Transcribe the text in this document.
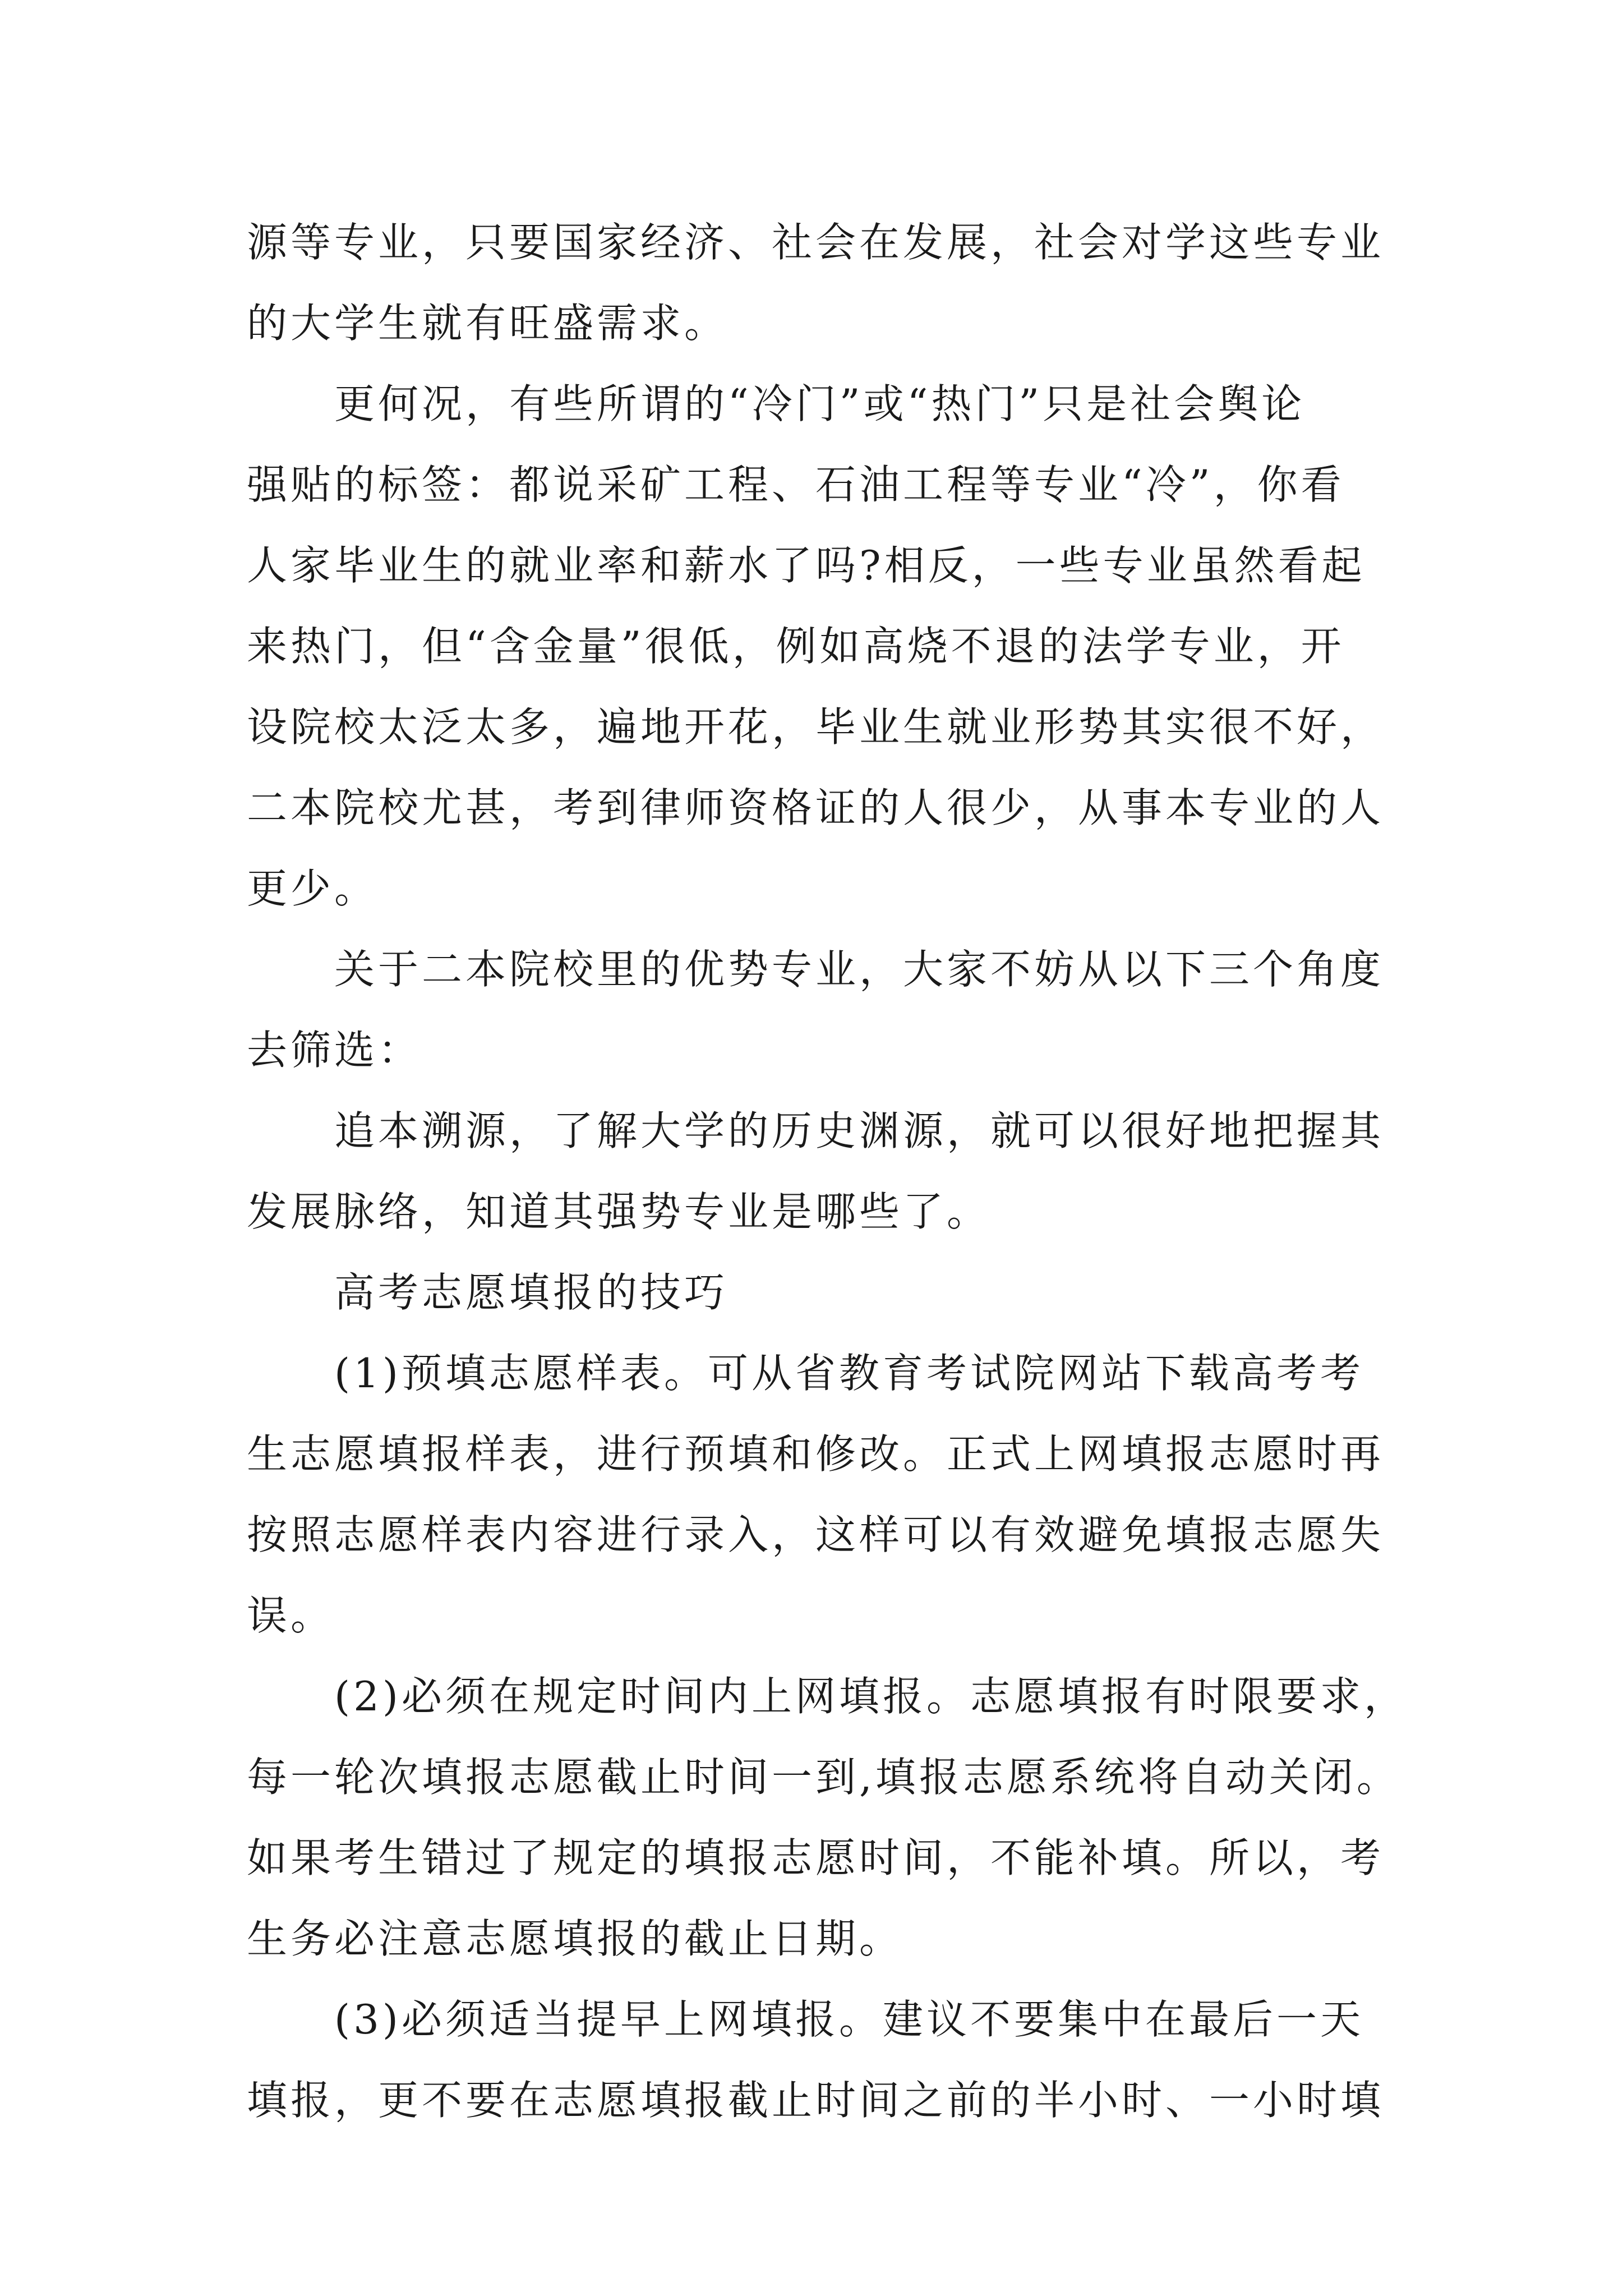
源等专业，只要国家经济、社会在发展，社会对学这些专业
的大学生就有旺盛需求。

更何况，有些所谓的“冷门”或“热门”只是社会舆论
强贴的标签：都说采矿工程、石油工程等专业“冷”，你看
人家毕业生的就业率和薪水了吗?相反，一些专业虽然看起
来热门，但“含金量”很低，例如高烧不退的法学专业，开
设院校太泛太多，遍地开花，毕业生就业形势其实很不好，
二本院校尤甚，考到律师资格证的人很少，从事本专业的人
更少。

关于二本院校里的优势专业，大家不妨从以下三个角度
去筛选：

追本溯源，了解大学的历史渊源，就可以很好地把握其
发展脉络，知道其强势专业是哪些了。

高考志愿填报的技巧

(1)预填志愿样表。可从省教育考试院网站下载高考考
生志愿填报样表，进行预填和修改。正式上网填报志愿时再
按照志愿样表内容进行录入，这样可以有效避免填报志愿失
误。

(2)必须在规定时间内上网填报。志愿填报有时限要求，
每一轮次填报志愿截止时间一到,填报志愿系统将自动关闭。
如果考生错过了规定的填报志愿时间，不能补填。所以，考
生务必注意志愿填报的截止日期。

(3)必须适当提早上网填报。建议不要集中在最后一天
填报，更不要在志愿填报截止时间之前的半小时、一小时填
